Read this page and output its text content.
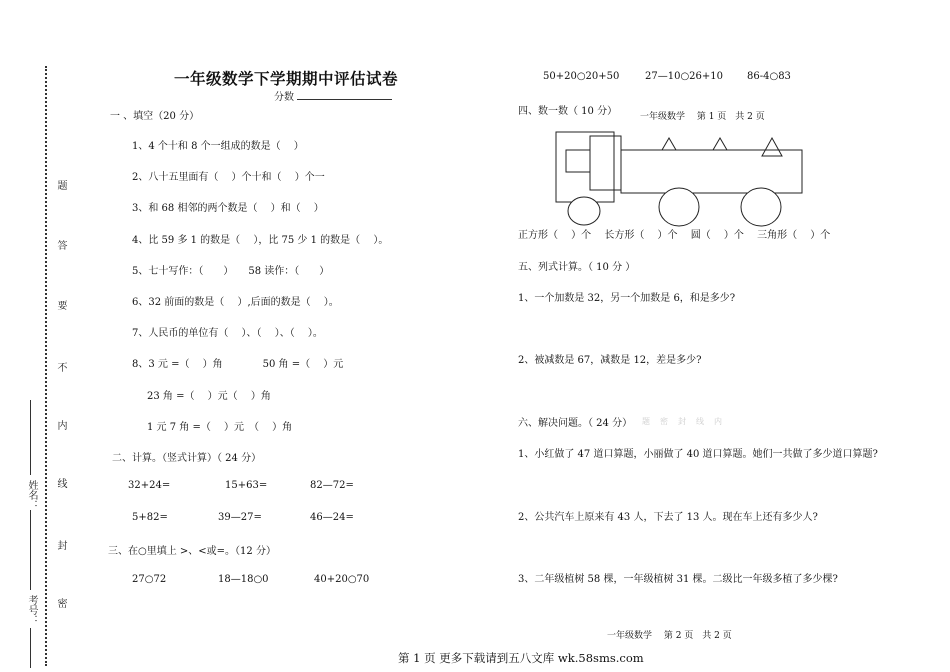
题
答
要
不
内
线
封
密
姓名：
考号：
一年级数学下学期期中评估试卷
分数
一 、填空（20 分）
1、4 个十和 8 个一组成的数是（　 ）
2、八十五里面有（　 ）个十和（　 ）个一
3、和 68 相邻的两个数是（　 ）和（　 ）
4、比 59 多 1 的数是（　 ），比 75 少 1 的数是（　 ）。
5、七十写作：（　　）　　58 读作：（　　）
6、32 前面的数是（　 ）,后面的数是（　 ）。
7、人民币的单位有（　 ）、（　 ）、（　 ）。
8、3 元 =（　 ）角　　　　50 角 =（　 ）元
23 角 =（　 ）元（　 ）角
1 元 7 角 =（　 ）元　（　 ）角
二、计算。（竖式计算）（ 24 分）
32+24=	15+63=	82—72=
5+82=	39—27=	46—24=
三、在○里填上 >、<或=。（12 分）
27○72	18—18○0	40+20○70
50+20○20+50	27—10○26+10 86-4○83
四、数一数（ 10 分）	一年级数学　 第 1 页　共 2 页
正方形（　 ）个　 长方形（　 ）个　 圆（　 ）个　 三角形（　 ）个
五、列式计算。（ 10 分 ）
1、一个加数是 32，另一个加数是 6，和是多少?
2、被减数是 67，减数是 12，差是多少?
六、解决问题。（ 24 分） 题　密　封　线　内
1、小红做了 47 道口算题，小丽做了 40 道口算题。她们一共做了多少道口算题?
2、公共汽车上原来有 43 人，下去了 13 人。现在车上还有多少人?
3、二年级植树 58 棵，一年级植树 31 棵。二级比一年级多植了多少棵?
一年级数学　 第 2 页　共 2 页
第 1 页 更多下载请到五八文库 wk.58sms.com
